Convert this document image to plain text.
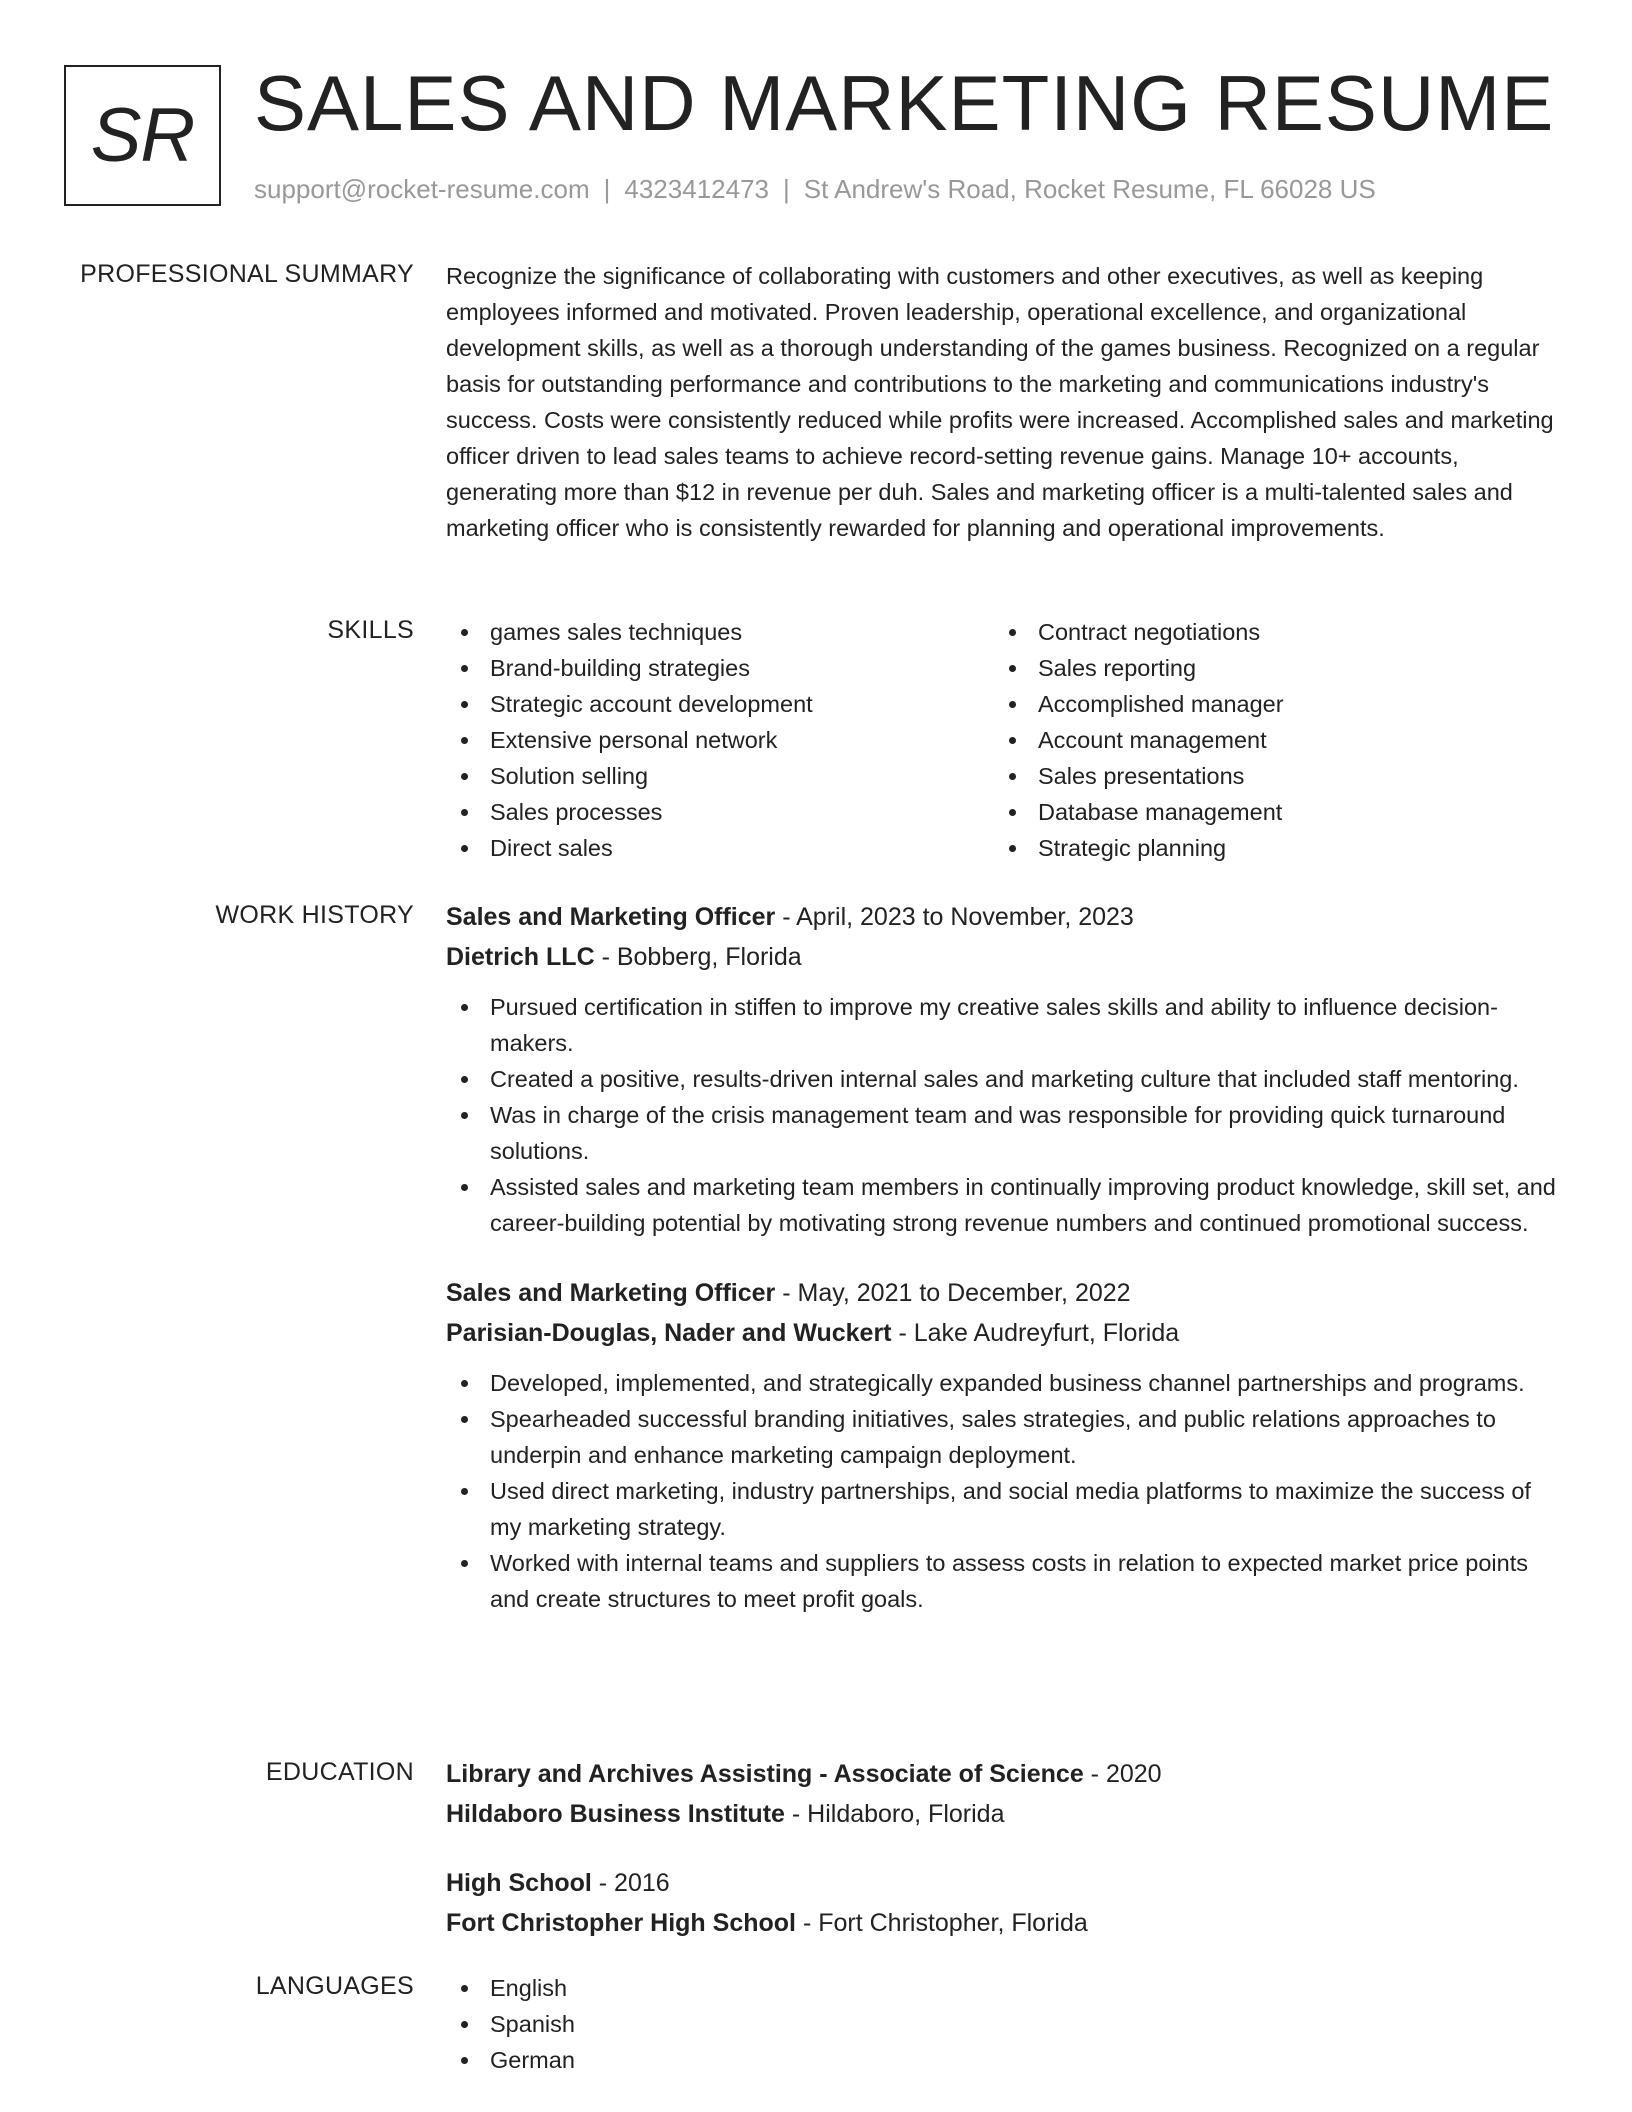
SR SALES AND MARKETING RESUME
support@rocket-resume.com | 4323412473 | St Andrew's Road, Rocket Resume, FL 66028 US
PROFESSIONAL SUMMARY Recognize the significance of collaborating with customers and other executives, as well as keeping employees informed and motivated. Proven leadership, operational excellence, and organizational development skills, as well as a thorough understanding of the games business. Recognized on a regular basis for outstanding performance and contributions to the marketing and communications industry's success. Costs were consistently reduced while profits were increased. Accomplished sales and marketing officer driven to lead sales teams to achieve record-setting revenue gains. Manage 10+ accounts, generating more than $12 in revenue per duh. Sales and marketing officer is a multi-talented sales and marketing officer who is consistently rewarded for planning and operational improvements.

SKILLS	games sales techniques
Brand-building strategies
Strategic account development
Extensive personal network
Solution selling
Sales processes
Direct sales
Contract negotiations
Sales reporting
Accomplished manager
Account management
Sales presentations
Database management
Strategic planning
WORK HISTORY Sales and Marketing Officer - April, 2023 to November, 2023
Dietrich LLC - Bobberg, Florida
Pursued certification in stiffen to improve my creative sales skills and ability to influence decision-makers.
Created a positive, results-driven internal sales and marketing culture that included staff mentoring.
Was in charge of the crisis management team and was responsible for providing quick turnaround solutions.
Assisted sales and marketing team members in continually improving product knowledge, skill set, and career-building potential by motivating strong revenue numbers and continued promotional success.
Sales and Marketing Officer - May, 2021 to December, 2022
Parisian-Douglas, Nader and Wuckert - Lake Audreyfurt, Florida
Developed, implemented, and strategically expanded business channel partnerships and programs.
Spearheaded successful branding initiatives, sales strategies, and public relations approaches to underpin and enhance marketing campaign deployment.
Used direct marketing, industry partnerships, and social media platforms to maximize the success of my marketing strategy.
Worked with internal teams and suppliers to assess costs in relation to expected market price points and create structures to meet profit goals.
EDUCATION Library and Archives Assisting - Associate of Science - 2020
Hildaboro Business Institute - Hildaboro, Florida
High School - 2016
Fort Christopher High School - Fort Christopher, Florida
LANGUAGES	English
Spanish
German
